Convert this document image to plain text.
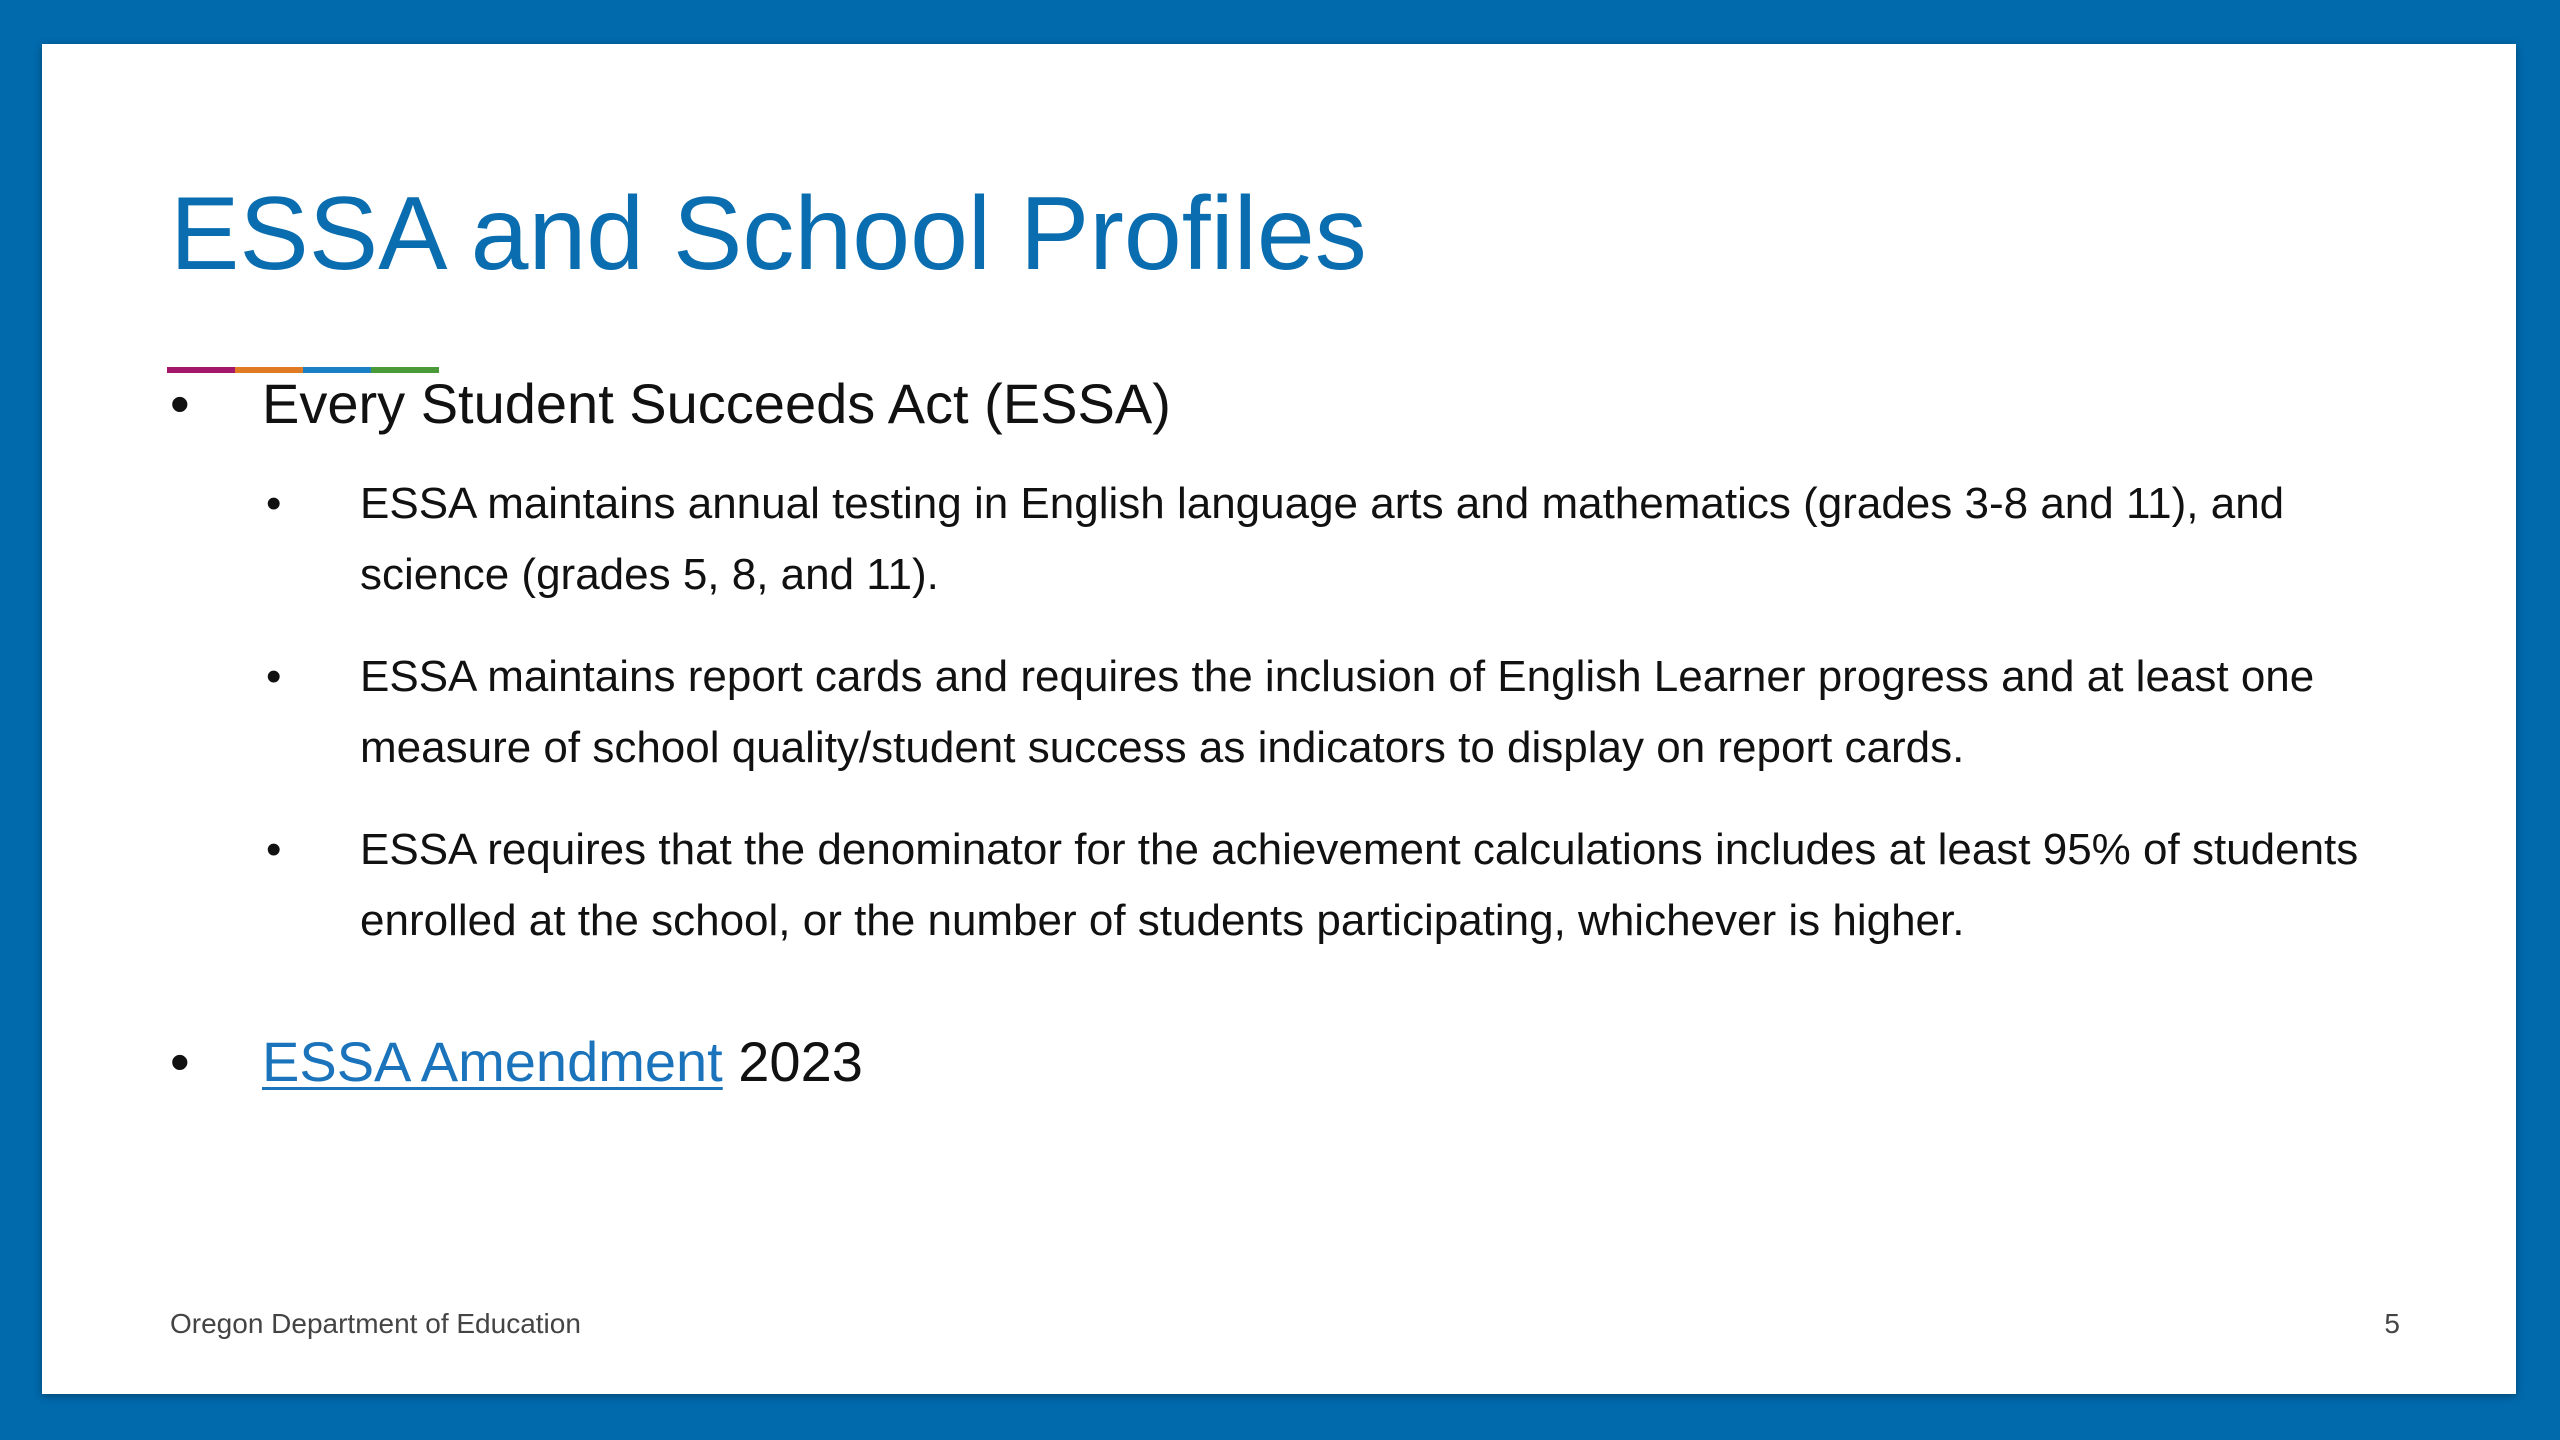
ESSA and School Profiles
• Every Student Succeeds Act (ESSA)
• ESSA maintains annual testing in English language arts and mathematics (grades 3-8 and 11), and science (grades 5, 8, and 11).
• ESSA maintains report cards and requires the inclusion of English Learner progress and at least one measure of school quality/student success as indicators to display on report cards.
• ESSA requires that the denominator for the achievement calculations includes at least 95% of students enrolled at the school, or the number of students participating, whichever is higher.
• ESSA Amendment 2023
Oregon Department of Education	5
